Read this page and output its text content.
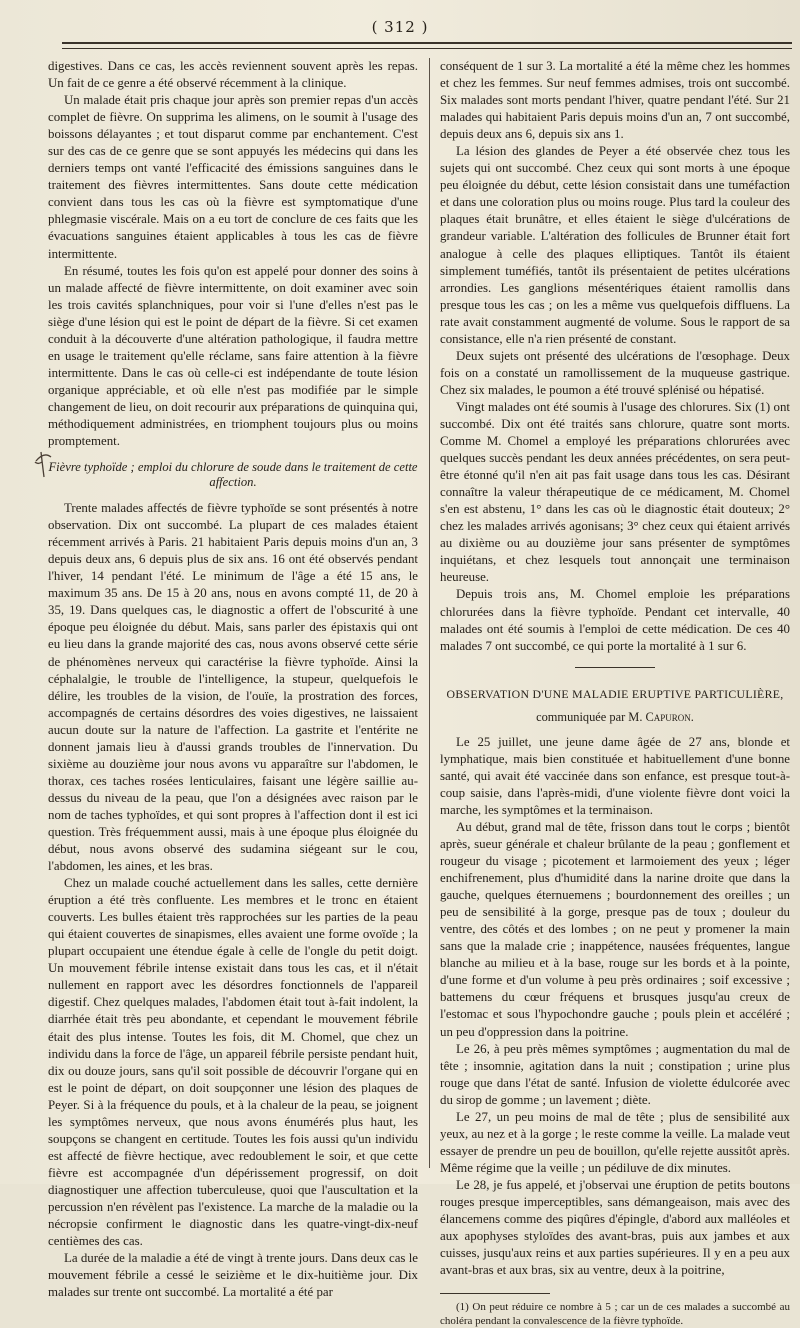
( 312 )

digestives. Dans ce cas, les accès reviennent souvent après les repas. Un fait de ce genre a été observé récemment à la clinique.

Un malade était pris chaque jour après son premier repas d'un accès complet de fièvre. On supprima les alimens, on le soumit à l'usage des boissons délayantes ; et tout disparut comme par enchantement. C'est sur des cas de ce genre que se sont appuyés les médecins qui dans les derniers temps ont vanté l'efficacité des émissions sanguines dans le traitement des fièvres intermittentes. Sans doute cette médication convient dans tous les cas où la fièvre est symptomatique d'une phlegmasie viscérale. Mais on a eu tort de conclure de ces faits que les évacuations sanguines étaient applicables à tous les cas de fièvre intermittente.

En résumé, toutes les fois qu'on est appelé pour donner des soins à un malade affecté de fièvre intermittente, on doit examiner avec soin les trois cavités splanchniques, pour voir si l'une d'elles n'est pas le siège d'une lésion qui est le point de départ de la fièvre. Si cet examen conduit à la découverte d'une altération pathologique, il faudra mettre en usage le traitement qu'elle réclame, sans faire attention à la fièvre intermittente. Dans le cas où celle-ci est indépendante de toute lésion organique appréciable, et où elle n'est pas modifiée par le simple changement de lieu, on doit recourir aux préparations de quinquina qui, méthodiquement administrées, en triomphent toujours plus ou moins promptement.

Fièvre typhoïde ; emploi du chlorure de soude dans le traitement de cette affection.

Trente malades affectés de fièvre typhoïde se sont présentés à notre observation. Dix ont succombé. La plupart de ces malades étaient récemment arrivés à Paris. 21 habitaient Paris depuis moins d'un an, 3 depuis deux ans, 6 depuis plus de six ans. 16 ont été observés pendant l'hiver, 14 pendant l'été. Le minimum de l'âge a été 15 ans, le maximum 35 ans. De 15 à 20 ans, nous en avons compté 11, de 20 à 35, 19. Dans quelques cas, le diagnostic a offert de l'obscurité à une époque peu éloignée du début. Mais, sans parler des épistaxis qui ont eu lieu dans la grande majorité des cas, nous avons observé cette série de phénomènes nerveux qui caractérise la fièvre typhoïde. Ainsi la céphalalgie, le trouble de l'intelligence, la stupeur, quelquefois le délire, les troubles de la vision, de l'ouïe, la prostration des forces, accompagnés de certains désordres des voies digestives, ne laissaient aucun doute sur la nature de l'affection. La gastrite et l'entérite ne donnent jamais lieu à d'aussi grands troubles de l'innervation. Du sixième au douzième jour nous avons vu apparaître sur l'abdomen, le thorax, ces taches rosées lenticulaires, faisant une légère saillie au-dessus du niveau de la peau, que l'on a désignées avec raison par le nom de taches typhoïdes, et qui sont propres à l'affection dont il est ici question. Très fréquemment aussi, mais à une époque plus éloignée du début, nous avons observé des sudamina siégeant sur le cou, l'abdomen, les aines, et les bras.

Chez un malade couché actuellement dans les salles, cette dernière éruption a été très confluente. Les membres et le tronc en étaient couverts. Les bulles étaient très rapprochées sur les parties de la peau qui étaient couvertes de sinapismes, elles avaient une forme ovoïde ; la plupart occupaient une étendue égale à celle de l'ongle du petit doigt. Un mouvement fébrile intense existait dans tous les cas, et il n'était nullement en rapport avec les désordres fonctionnels de l'appareil digestif. Chez quelques malades, l'abdomen était tout à-fait indolent, la diarrhée était très peu abondante, et cependant le mouvement fébrile était des plus intense. Toutes les fois, dit M. Chomel, que chez un individu dans la force de l'âge, un appareil fébrile persiste pendant huit, dix ou douze jours, sans qu'il soit possible de découvrir l'organe qui en est le point de départ, on doit soupçonner une lésion des plaques de Peyer. Si à la fréquence du pouls, et à la chaleur de la peau, se joignent les symptômes nerveux, que nous avons énumérés plus haut, les soupçons se changent en certitude. Toutes les fois aussi qu'un individu est affecté de fièvre hectique, avec redoublement le soir, et que cette fièvre est accompagnée d'un dépérissement progressif, on doit diagnostiquer une affection tuberculeuse, quoi que l'auscultation et la percussion n'en révèlent pas l'existence. La marche de la maladie ou la nécropsie confirment le diagnostic dans les quatre-vingt-dix-neuf centièmes des cas.

La durée de la maladie a été de vingt à trente jours. Dans deux cas le mouvement fébrile a cessé le seizième et le dix-huitième jour. Dix malades sur trente ont succombé. La mortalité a été par

conséquent de 1 sur 3. La mortalité a été la même chez les hommes et chez les femmes. Sur neuf femmes admises, trois ont succombé. Six malades sont morts pendant l'hiver, quatre pendant l'été. Sur 21 malades qui habitaient Paris depuis moins d'un an, 7 ont succombé, depuis deux ans 6, depuis six ans 1.

La lésion des glandes de Peyer a été observée chez tous les sujets qui ont succombé. Chez ceux qui sont morts à une époque peu éloignée du début, cette lésion consistait dans une tuméfaction et dans une coloration plus ou moins rouge. Plus tard la couleur des plaques était brunâtre, et elles étaient le siège d'ulcérations de grandeur variable. L'altération des follicules de Brunner était fort analogue à celle des plaques elliptiques. Tantôt ils étaient simplement tuméfiés, tantôt ils présentaient de petites ulcérations arrondies. Les ganglions mésentériques étaient ramollis dans presque tous les cas ; on les a même vus quelquefois diffluens. La rate avait constamment augmenté de volume. Sous le rapport de sa consistance, elle n'a rien présenté de constant.

Deux sujets ont présenté des ulcérations de l'œsophage. Deux fois on a constaté un ramollissement de la muqueuse gastrique. Chez six malades, le poumon a été trouvé splénisé ou hépatisé.

Vingt malades ont été soumis à l'usage des chlorures. Six (1) ont succombé. Dix ont été traités sans chlorure, quatre sont morts. Comme M. Chomel a employé les préparations chlorurées avec quelques succès pendant les deux années précédentes, on sera peut-être étonné qu'il n'en ait pas fait usage dans tous les cas. Désirant connaître la valeur thérapeutique de ce médicament, M. Chomel s'en est abstenu, 1° dans les cas où le diagnostic était douteux; 2° chez les malades arrivés agonisans; 3° chez ceux qui étaient arrivés au dixième ou au douzième jour sans présenter de symptômes inquiétans, et chez lesquels tout annonçait une terminaison heureuse.

Depuis trois ans, M. Chomel emploie les préparations chlorurées dans la fièvre typhoïde. Pendant cet intervalle, 40 malades ont été soumis à l'emploi de cette médication. De ces 40 malades 7 ont succombé, ce qui porte la mortalité à 1 sur 6.

OBSERVATION D'UNE MALADIE ERUPTIVE PARTICULIÈRE,

communiquée par M. Capuron.

Le 25 juillet, une jeune dame âgée de 27 ans, blonde et lymphatique, mais bien constituée et habituellement d'une bonne santé, qui avait été vaccinée dans son enfance, est presque tout-à-coup saisie, dans l'après-midi, d'une violente fièvre dont voici la marche, les symptômes et la terminaison.

Au début, grand mal de tête, frisson dans tout le corps ; bientôt après, sueur générale et chaleur brûlante de la peau ; gonflement et rougeur du visage ; picotement et larmoiement des yeux ; léger enchifrenement, plus d'humidité dans la narine droite que dans la gauche, quelques éternuemens ; bourdonnement des oreilles ; un peu de sensibilité à la gorge, presque pas de toux ; douleur du ventre, des côtés et des lombes ; on ne peut y promener la main sans que la malade crie ; inappétence, nausées fréquentes, langue blanche au milieu et à la base, rouge sur les bords et à la pointe, d'une forme et d'un volume à peu près ordinaires ; soif excessive ; battemens du cœur fréquens et brusques jusqu'au creux de l'estomac et sous l'hypochondre gauche ; pouls plein et accéléré ; un peu d'oppression dans la poitrine.

Le 26, à peu près mêmes symptômes ; augmentation du mal de tête ; insomnie, agitation dans la nuit ; constipation ; urine plus rouge que dans l'état de santé. Infusion de violette édulcorée avec du sirop de gomme ; un lavement ; diète.

Le 27, un peu moins de mal de tête ; plus de sensibilité aux yeux, au nez et à la gorge ; le reste comme la veille. La malade veut essayer de prendre un peu de bouillon, qu'elle rejette aussitôt après. Même régime que la veille ; un pédiluve de dix minutes.

Le 28, je fus appelé, et j'observai une éruption de petits boutons rouges presque imperceptibles, sans démangeaison, mais avec des élancemens comme des piqûres d'épingle, d'abord aux malléoles et aux apophyses styloïdes des avant-bras, puis aux jambes et aux cuisses, jusqu'aux reins et aux parties supérieures. Il y en a peu aux avant-bras et aux bras, six au ventre, deux à la poitrine,

(1) On peut réduire ce nombre à 5 ; car un de ces malades a succombé au choléra pendant la convalescence de la fièvre typhoïde.
